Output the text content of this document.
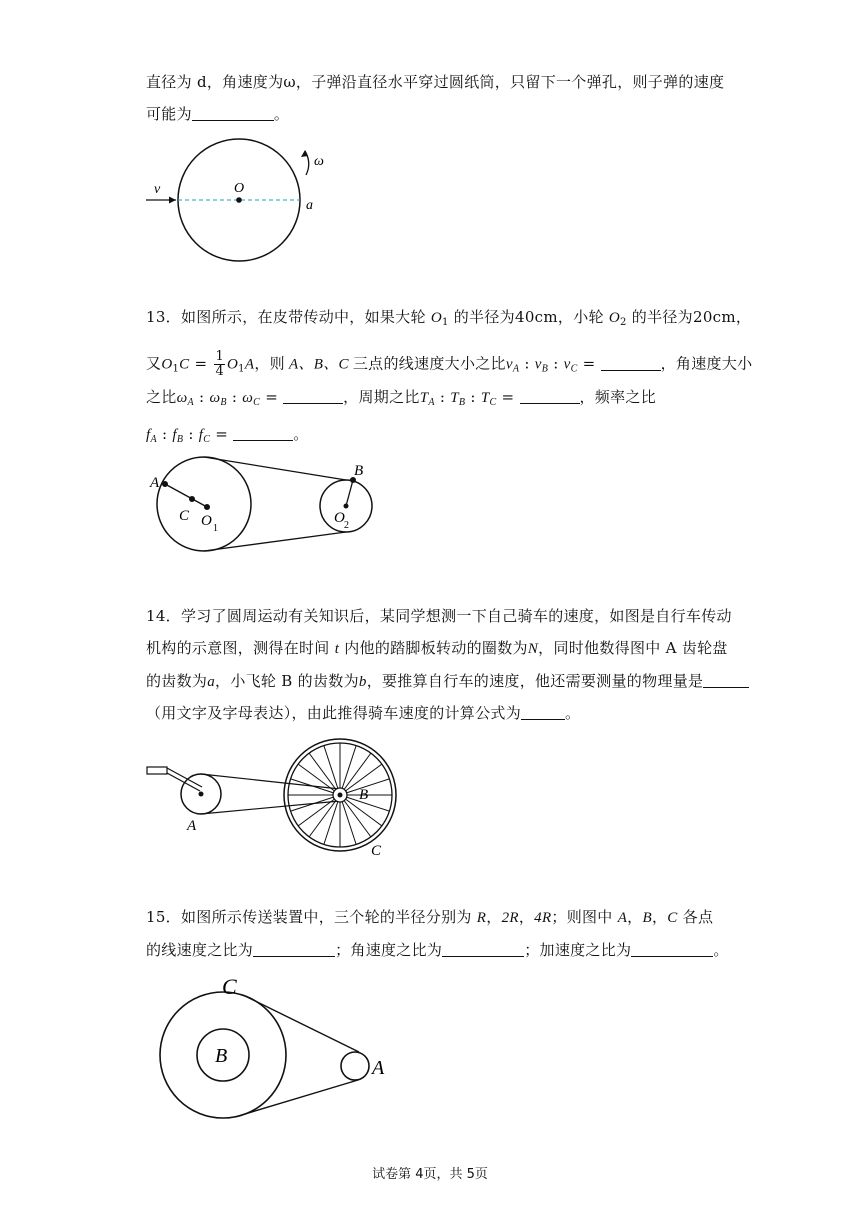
直径为 d，角速度为ω，子弹沿直径水平穿过圆纸筒，只留下一个弹孔，则子弹的速度
可能为	。
v	O
ω
a
13．如图所示，在皮带传动中，如果大轮 $O_1$ 的半径为40cm，小轮 $O_2$ 的半径为20cm，
又$O_1C = \frac{1}{4} O_1A$，则 A、B、C 三点的线速度大小之比$v_A$ : $v_B$ : $v_C$ =	，角速度大小
之比$\omega_A$ : $\omega_B$ : $\omega_C$ =	，周期之比$T_A$ : $T_B$ : $T_C$ =	，频率之比
$f_A$ : $f_B$ : $f_C$ =	。
A
C O 1
B
O 2
14．学习了圆周运动有关知识后，某同学想测一下自己骑车的速度，如图是自行车传动
机构的示意图，测得在时间 t 内他的踏脚板转动的圈数为N，同时他数得图中 A 齿轮盘
的齿数为a，小飞轮 B 的齿数为b，要推算自行车的速度，他还需要测量的物理量是
（用文字及字母表达），由此推得骑车速度的计算公式为	。
A
B
C
15．如图所示传送装置中，三个轮的半径分别为 R，2R，4R；则图中 A，B，C 各点
的线速度之比为	；角速度之比为	；加速度之比为	。
C
B
A
试卷第 4页，共 5页
